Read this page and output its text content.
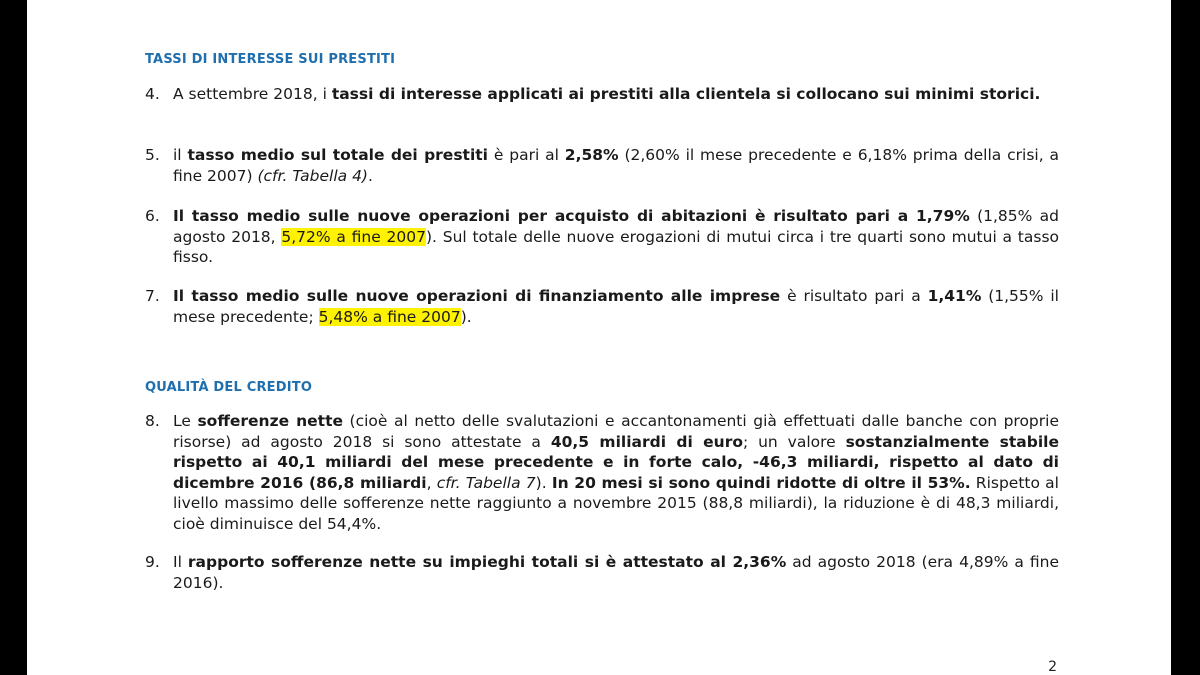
TASSI DI INTERESSE SUI PRESTITI
4. A settembre 2018, i tassi di interesse applicati ai prestiti alla clientela si collocano sui minimi storici.
5. il tasso medio sul totale dei prestiti è pari al 2,58% (2,60% il mese precedente e 6,18% prima della crisi, a fine 2007) (cfr. Tabella 4).
6. Il tasso medio sulle nuove operazioni per acquisto di abitazioni è risultato pari a 1,79% (1,85% ad agosto 2018, 5,72% a fine 2007). Sul totale delle nuove erogazioni di mutui circa i tre quarti sono mutui a tasso fisso.
7. Il tasso medio sulle nuove operazioni di finanziamento alle imprese è risultato pari a 1,41% (1,55% il mese precedente; 5,48% a fine 2007).
QUALITÀ DEL CREDITO
8. Le sofferenze nette (cioè al netto delle svalutazioni e accantonamenti già effettuati dalle banche con proprie risorse) ad agosto 2018 si sono attestate a 40,5 miliardi di euro; un valore sostanzialmente stabile rispetto ai 40,1 miliardi del mese precedente e in forte calo, -46,3 miliardi, rispetto al dato di dicembre 2016 (86,8 miliardi, cfr. Tabella 7). In 20 mesi si sono quindi ridotte di oltre il 53%. Rispetto al livello massimo delle sofferenze nette raggiunto a novembre 2015 (88,8 miliardi), la riduzione è di 48,3 miliardi, cioè diminuisce del 54,4%.
9. Il rapporto sofferenze nette su impieghi totali si è attestato al 2,36% ad agosto 2018 (era 4,89% a fine 2016).
2
